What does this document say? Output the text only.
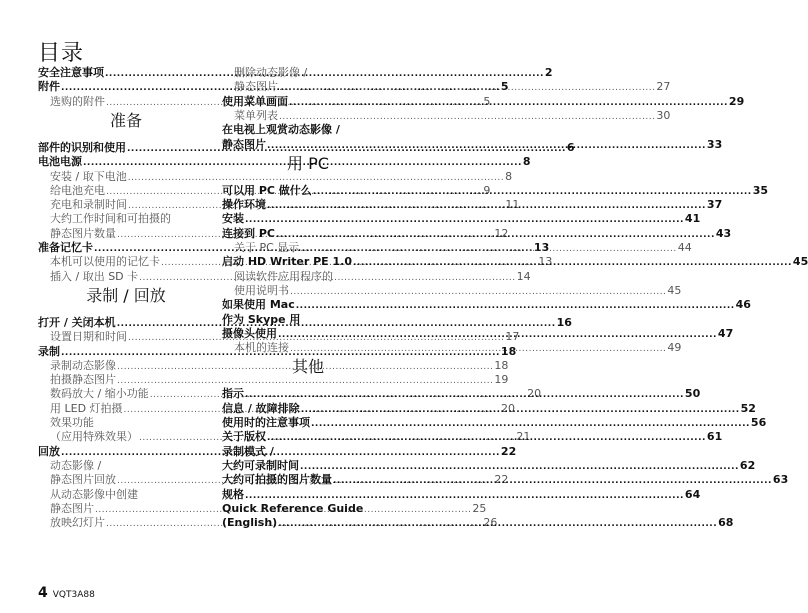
目录
安全注意事项 .....	2
附件 .....	5
选购的附件 .....	5
准备
部件的识别和使用 .....	6
电池电源 .....	8
安装 / 取下电池 .....	8
给电池充电 .....	9
充电和录制时间 .....	11
大约工作时间和可拍摄的
静态图片数量 .....	12
准备记忆卡 .....	13
本机可以使用的记忆卡 .....	13
插入 / 取出 SD 卡 .....	14
录制 / 回放
打开 / 关闭本机 .....	16
设置日期和时间 .....	17
录制 .....	18
录制动态影像 .....	18
拍摄静态图片 .....	19
数码放大 / 缩小功能 .....	20
用 LED 灯拍摄 .....	20
效果功能
（应用特殊效果） .....	21
回放 .....	22
动态影像 /
静态图片回放 .....	22
从动态影像中创建
静态图片 .....	25
放映幻灯片 .....	26
删除动态影像 /
静态图片 .....	27
使用菜单画面 .....	29
菜单列表 .....	30
在电视上观赏动态影像 /
静态图片 .....	33
用 PC
可以用 PC 做什么 .....	35
操作环境 .....	37
安装 .....	41
连接到 PC .....	43
关于 PC 显示 .....	44
启动 HD Writer PE 1.0 .....	45
阅读软件应用程序的
使用说明书 .....	45
如果使用 Mac .....	46
作为 Skype 用
摄像头使用 .....	47
本机的连接 .....	49
其他
指示 .....	50
信息 / 故障排除 .....	52
使用时的注意事项 .....	56
关于版权 .....	61
录制模式 /
大约可录制时间 .....	62
大约可拍摄的图片数量 .....	63
规格 .....	64
Quick Reference Guide
(English) .....	68
4 VQT3A88
